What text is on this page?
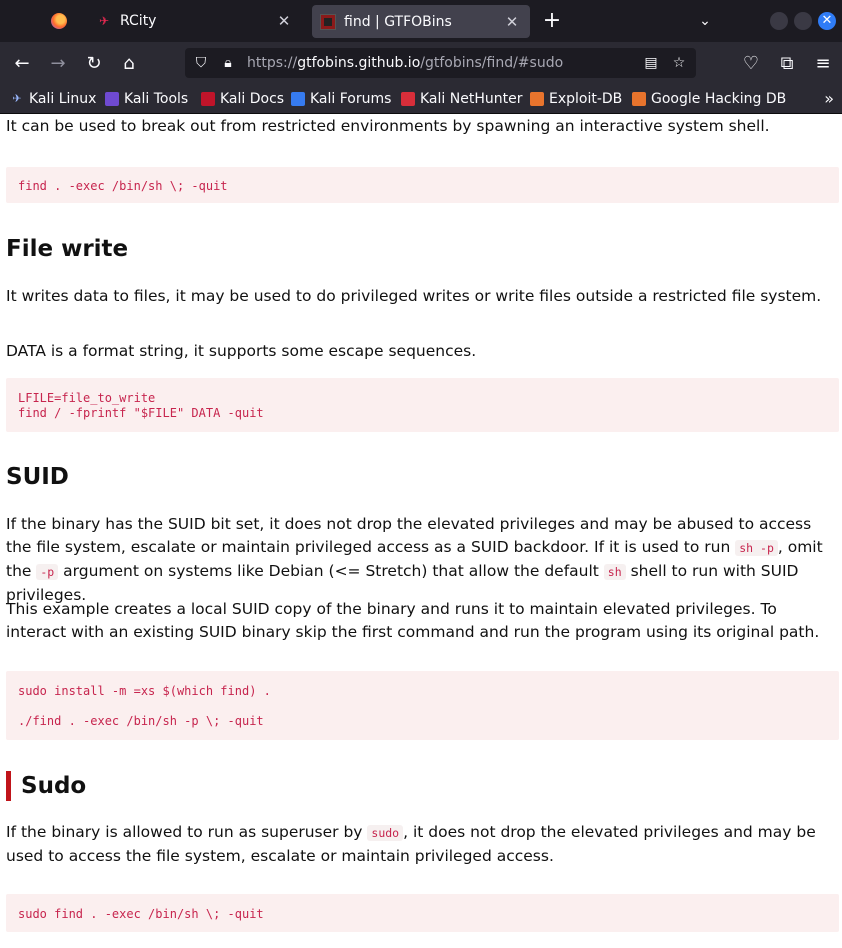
✈ RCity	✕	find | GTFOBins	✕ +	⌄	✕
← → ↻	⌂	♡	⧉	≡
⛉	🔒︎	https://gtfobins.github.io/gtfobins/find/#sudo	▤	☆
✈ Kali Linux Kali Tools Kali Docs Kali Forums Kali NetHunter Exploit-DB Google Hacking DB »
It can be used to break out from restricted environments by spawning an interactive system shell.
find . -exec /bin/sh \; -quit
File write
It writes data to files, it may be used to do privileged writes or write files outside a restricted file system.
DATA is a format string, it supports some escape sequences.
LFILE=file_to_write
find / -fprintf "$FILE" DATA -quit
SUID
If the binary has the SUID bit set, it does not drop the elevated privileges and may be abused to access the file system, escalate or maintain privileged access as a SUID backdoor. If it is used to run sh -p , omit the -p argument on systems like Debian (<= Stretch) that allow the default sh shell to run with SUID privileges.
This example creates a local SUID copy of the binary and runs it to maintain elevated privileges. To interact with an existing SUID binary skip the first command and run the program using its original path.
sudo install -m =xs $(which find) .
./find . -exec /bin/sh -p \; -quit
Sudo
If the binary is allowed to run as superuser by sudo , it does not drop the elevated privileges and may be used to access the file system, escalate or maintain privileged access.
sudo find . -exec /bin/sh \; -quit
